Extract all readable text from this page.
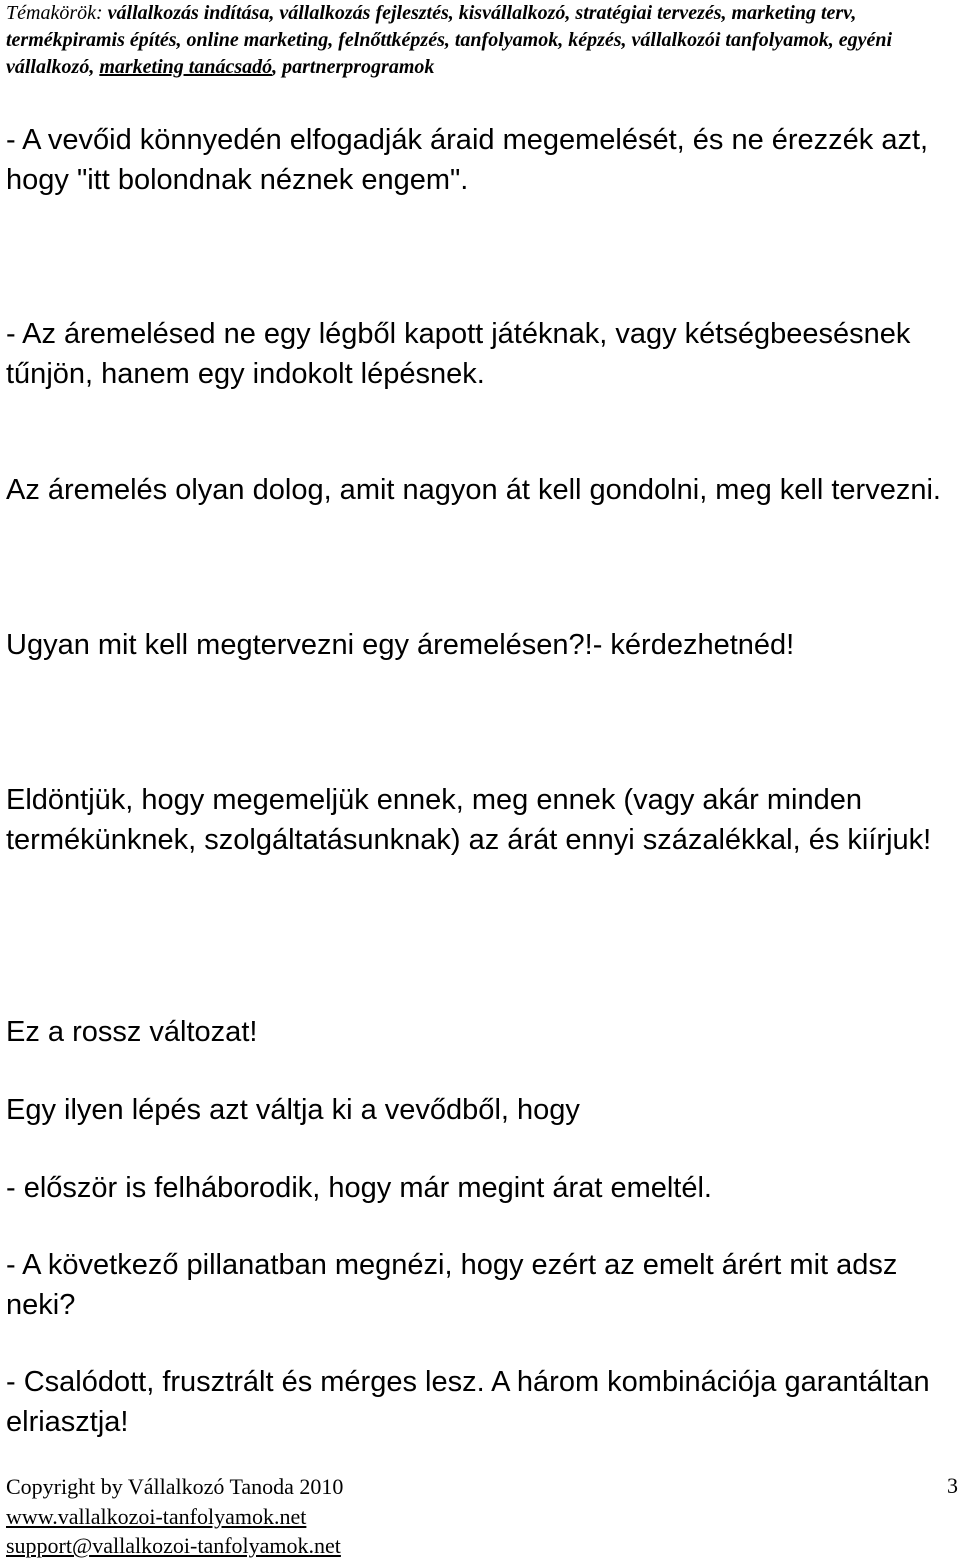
Témakörök: vállalkozás indítása, vállalkozás fejlesztés, kisvállalkozó, stratégiai tervezés, marketing terv, termékpiramis építés, online marketing, felnőttképzés, tanfolyamok, képzés, vállalkozói tanfolyamok, egyéni vállalkozó, marketing tanácsadó, partnerprogramok

- A vevőid könnyedén elfogadják áraid megemelését, és ne érezzék azt, hogy "itt bolondnak néznek engem".

- Az áremelésed ne egy légből kapott játéknak, vagy kétségbeesésnek tűnjön, hanem egy indokolt lépésnek.

Az áremelés olyan dolog, amit nagyon át kell gondolni, meg kell tervezni.

Ugyan mit kell megtervezni egy áremelésen?!- kérdezhetnéd!

Eldöntjük, hogy megemeljük ennek, meg ennek (vagy akár minden termékünknek, szolgáltatásunknak) az árát ennyi százalékkal, és kiírjuk!

Ez a rossz változat!

Egy ilyen lépés azt váltja ki a vevődből, hogy

- először is felháborodik, hogy már megint árat emeltél.

- A következő pillanatban megnézi, hogy ezért az emelt árért mit adsz neki?

- Csalódott, frusztrált és mérges lesz. A három kombinációja garantáltan elriasztja!

Copyright by Vállalkozó Tanoda 2010
www.vallalkozoi-tanfolyamok.net
support@vallalkozoi-tanfolyamok.net
3
